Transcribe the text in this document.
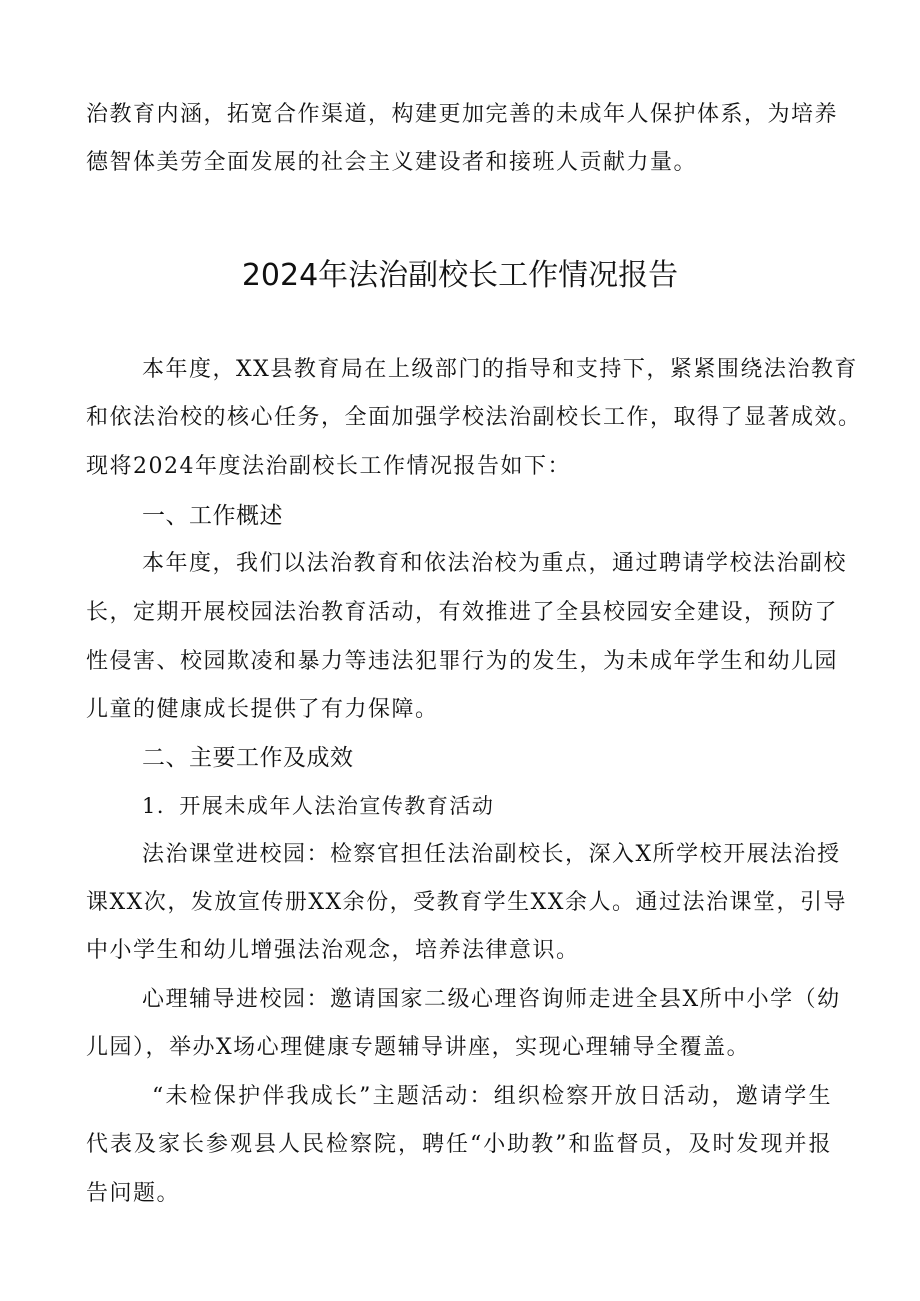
治教育内涵，拓宽合作渠道，构建更加完善的未成年人保护体系，为培养
德智体美劳全面发展的社会主义建设者和接班人贡献力量。
2024年法治副校长工作情况报告
本年度，XX县教育局在上级部门的指导和支持下，紧紧围绕法治教育
和依法治校的核心任务，全面加强学校法治副校长工作，取得了显著成效。
现将2024年度法治副校长工作情况报告如下：
一、工作概述
本年度，我们以法治教育和依法治校为重点，通过聘请学校法治副校
长，定期开展校园法治教育活动，有效推进了全县校园安全建设，预防了
性侵害、校园欺凌和暴力等违法犯罪行为的发生，为未成年学生和幼儿园
儿童的健康成长提供了有力保障。
二、主要工作及成效
1．开展未成年人法治宣传教育活动
法治课堂进校园：检察官担任法治副校长，深入X所学校开展法治授
课XX次，发放宣传册XX余份，受教育学生XX余人。通过法治课堂，引导
中小学生和幼儿增强法治观念，培养法律意识。
心理辅导进校园：邀请国家二级心理咨询师走进全县X所中小学（幼
儿园），举办X场心理健康专题辅导讲座，实现心理辅导全覆盖。
“未检保护伴我成长”主题活动：组织检察开放日活动，邀请学生
代表及家长参观县人民检察院，聘任“小助教”和监督员，及时发现并报
告问题。
